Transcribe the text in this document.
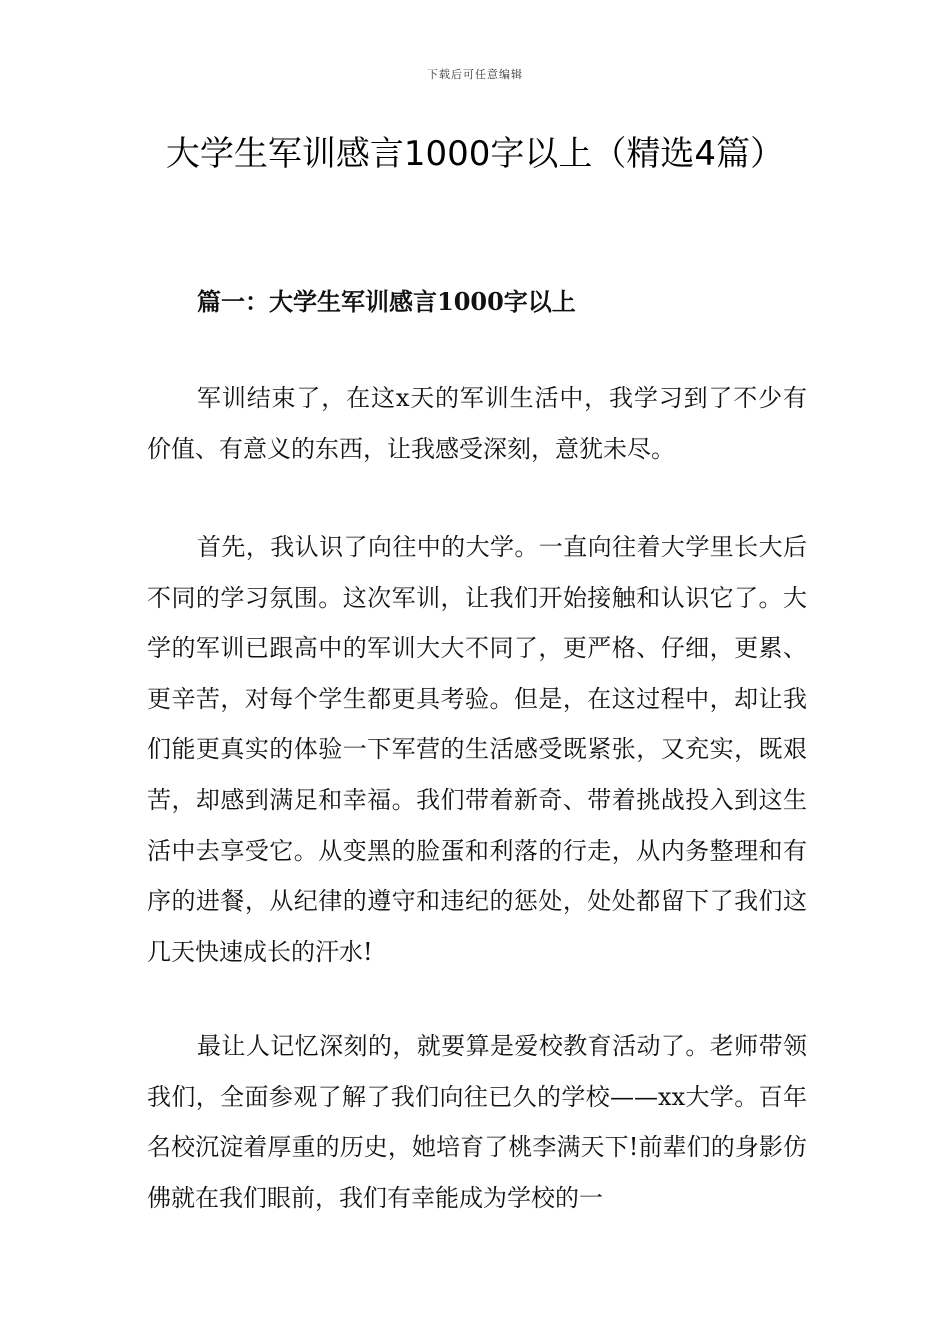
下载后可任意编辑
大学生军训感言1000字以上（精选4篇）
篇一：大学生军训感言1000字以上

军训结束了，在这x天的军训生活中，我学习到了不少有价值、有意义的东西，让我感受深刻，意犹未尽。

首先，我认识了向往中的大学。一直向往着大学里长大后不同的学习氛围。这次军训，让我们开始接触和认识它了。大学的军训已跟高中的军训大大不同了，更严格、仔细，更累、更辛苦，对每个学生都更具考验。但是，在这过程中，却让我们能更真实的体验一下军营的生活感受既紧张，又充实，既艰苦，却感到满足和幸福。我们带着新奇、带着挑战投入到这生活中去享受它。从变黑的脸蛋和利落的行走，从内务整理和有序的进餐，从纪律的遵守和违纪的惩处，处处都留下了我们这几天快速成长的汗水!

最让人记忆深刻的，就要算是爱校教育活动了。老师带领我们，全面参观了解了我们向往已久的学校——xx大学。百年名校沉淀着厚重的历史，她培育了桃李满天下!前辈们的身影仿佛就在我们眼前，我们有幸能成为学校的一
